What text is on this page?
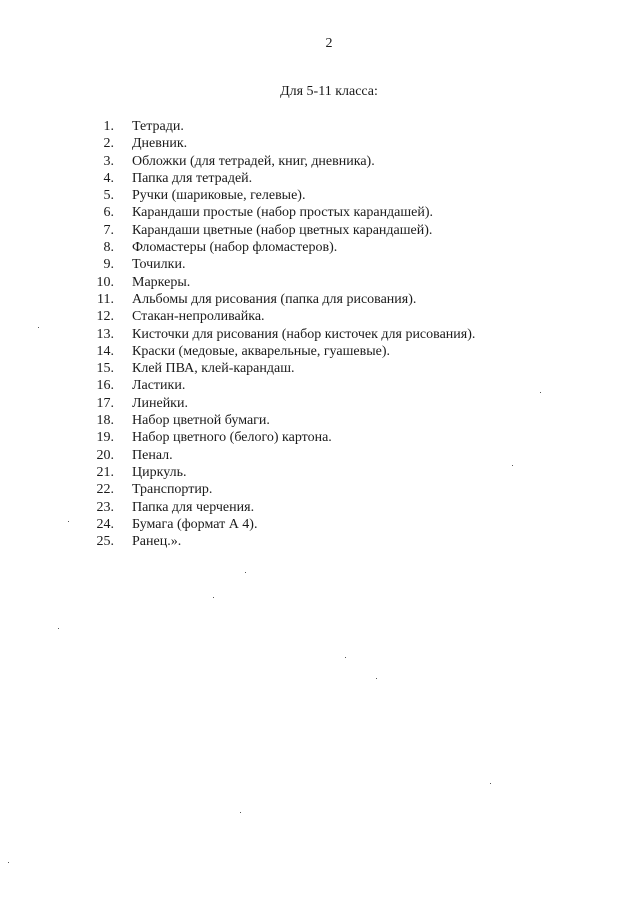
2
Для 5-11 класса:
1. Тетради.
2. Дневник.
3. Обложки (для тетрадей, книг, дневника).
4. Папка для тетрадей.
5. Ручки (шариковые, гелевые).
6. Карандаши простые (набор простых карандашей).
7. Карандаши цветные (набор цветных карандашей).
8. Фломастеры (набор фломастеров).
9. Точилки.
10. Маркеры.
11. Альбомы для рисования (папка для рисования).
12. Стакан-непроливайка.
13. Кисточки для рисования (набор кисточек для рисования).
14. Краски (медовые, акварельные, гуашевые).
15. Клей ПВА, клей-карандаш.
16. Ластики.
17. Линейки.
18. Набор цветной бумаги.
19. Набор цветного (белого) картона.
20. Пенал.
21. Циркуль.
22. Транспортир.
23. Папка для черчения.
24. Бумага (формат А 4).
25. Ранец.».
